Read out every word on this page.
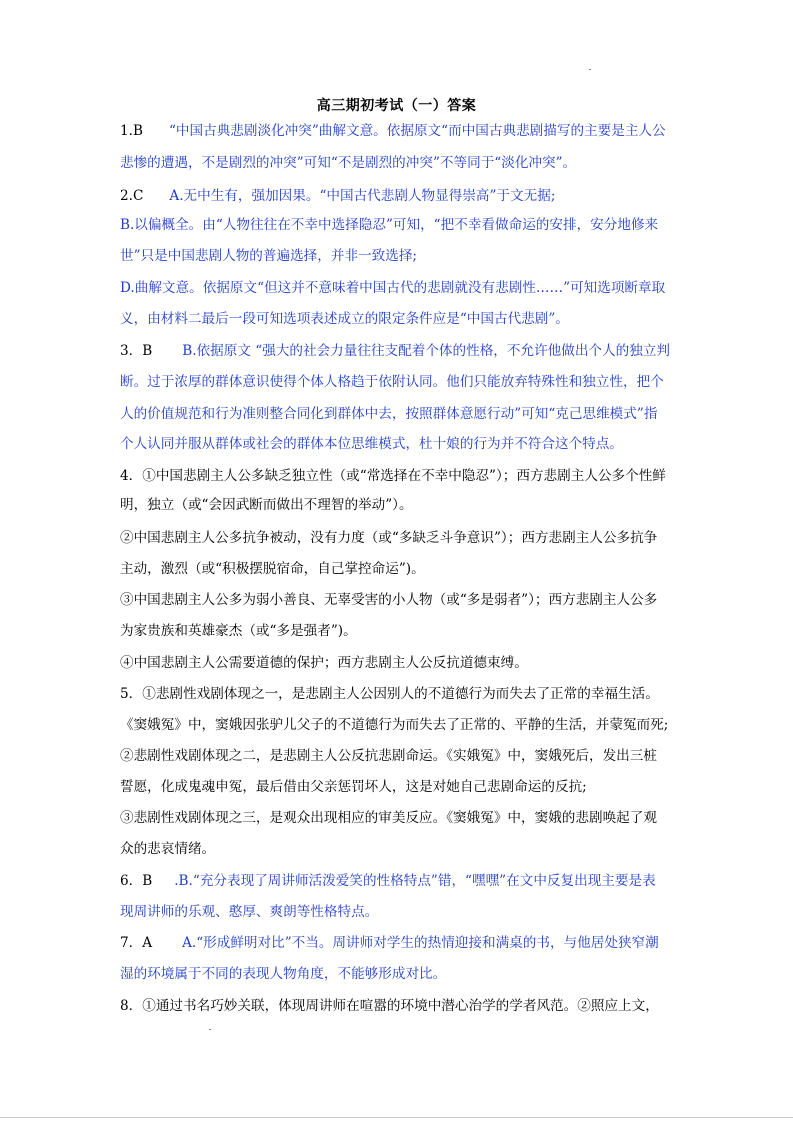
高三期初考试（一）答案
1.B “中国古典悲剧淡化冲突”曲解文意。依据原文“而中国古典悲剧描写的主要是主人公
悲惨的遭遇，不是剧烈的冲突”可知“不是剧烈的冲突”不等同于“淡化冲突”。
2.C A.无中生有，强加因果。“中国古代悲剧人物显得崇高”于文无据;
B.以偏概全。由“人物往往在不幸中选择隐忍”可知，“把不幸看做命运的安排，安分地修来
世”只是中国悲剧人物的普遍选择，并非一致选择;
D.曲解文意。依据原文“但这并不意味着中国古代的悲剧就没有悲剧性……”可知选项断章取
义，由材料二最后一段可知选项表述成立的限定条件应是“中国古代悲剧”。
3．B B.依据原文 “强大的社会力量往往支配着个体的性格，不允许他做出个人的独立判
断。过于浓厚的群体意识使得个体人格趋于依附认同。他们只能放弃特殊性和独立性，把个
人的价值规范和行为准则整合同化到群体中去，按照群体意愿行动”可知“克己思维模式”指
个人认同并服从群体或社会的群体本位思维模式，杜十娘的行为并不符合这个特点。
4．①中国悲剧主人公多缺乏独立性（或“常选择在不幸中隐忍”）；西方悲剧主人公多个性鲜
明，独立（或“会因武断而做出不理智的举动”）。
②中国悲剧主人公多抗争被动，没有力度（或“多缺乏斗争意识”）；西方悲剧主人公多抗争
主动，激烈（或“积极摆脱宿命，自己掌控命运”)。
③中国悲剧主人公多为弱小善良、无辜受害的小人物（或“多是弱者”）；西方悲剧主人公多
为家贵族和英雄豪杰（或“多是强者”)。
④中国悲剧主人公需要道德的保护；西方悲剧主人公反抗道德束缚。
5．①悲剧性戏剧体现之一，是悲剧主人公因别人的不道德行为而失去了正常的幸福生活。
《窦娥冤》中，窦娥因张驴儿父子的不道德行为而失去了正常的、平静的生活，并蒙冤而死;
②悲剧性戏剧体现之二，是悲剧主人公反抗悲剧命运。《实娥冤》中，窦娥死后，发出三桩
誓愿，化成鬼魂申冤，最后借由父亲惩罚坏人，这是对她自己悲剧命运的反抗;
③悲剧性戏剧体现之三，是观众出现相应的审美反应。《窦娥冤》中，窦娥的悲剧唤起了观
众的悲哀情绪。
6．B .B.“充分表现了周讲师活泼爱笑的性格特点”错，“嘿嘿”在文中反复出现主要是表
现周讲师的乐观、憨厚、爽朗等性格特点。
7．A A.“形成鲜明对比”不当。周讲师对学生的热情迎接和满桌的书，与他居处狭窄潮
湿的环境属于不同的表现人物角度，不能够形成对比。
8．①通过书名巧妙关联，体现周讲师在喧嚣的环境中潜心治学的学者风范。②照应上文，
